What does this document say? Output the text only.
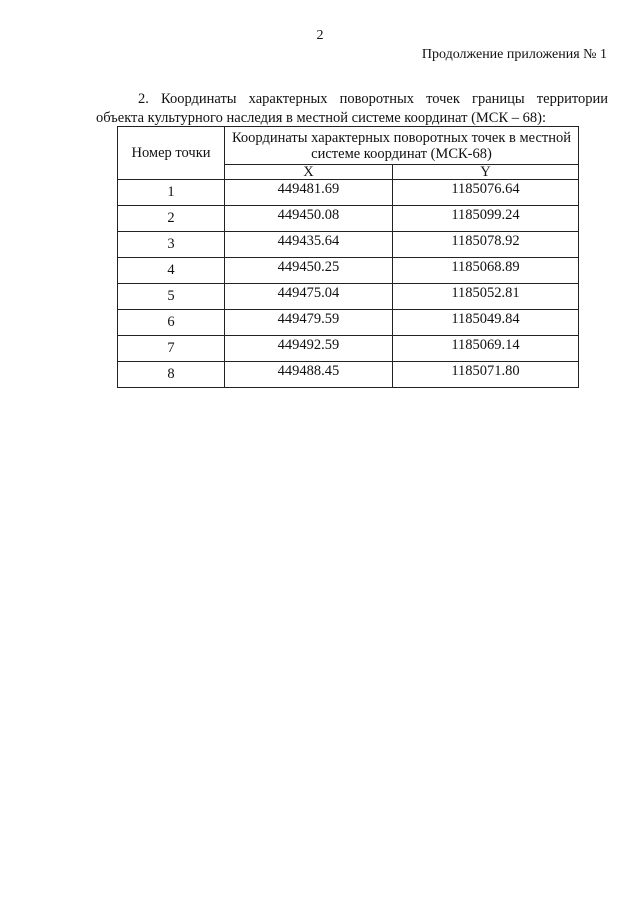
2
Продолжение приложения № 1

2. Координаты характерных поворотных точек границы территории объекта культурного наследия в местной системе координат (МСК – 68):

Номер точки	Координаты характерных поворотных точек в местной системе координат (МСК-68)	
	X	Y
1	449481.69	1185076.64
2	449450.08	1185099.24
3	449435.64	1185078.92
4	449450.25	1185068.89
5	449475.04	1185052.81
6	449479.59	1185049.84
7	449492.59	1185069.14
8	449488.45	1185071.80
